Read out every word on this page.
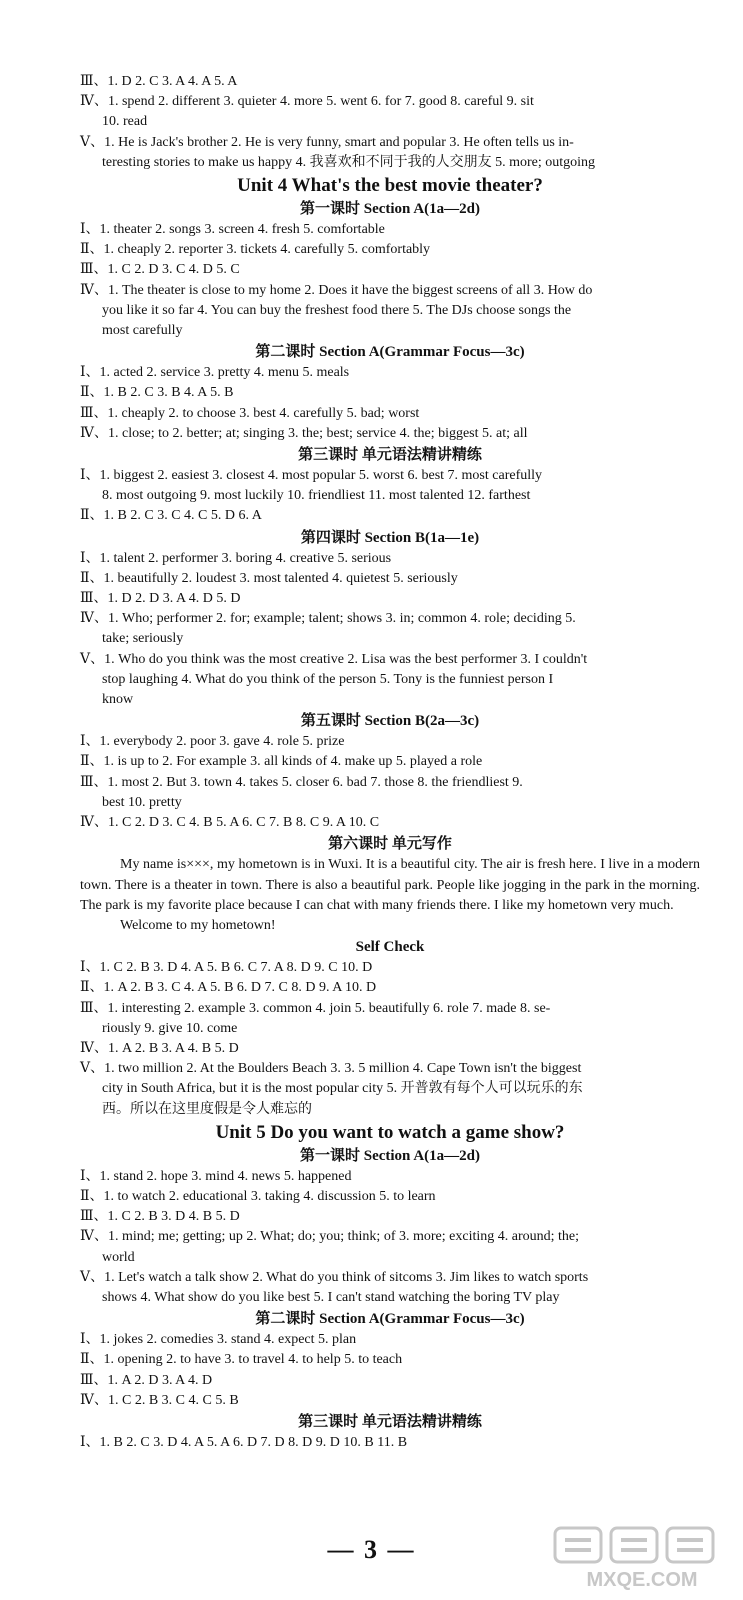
Ⅲ、1. D 2. C 3. A 4. A 5. A
Ⅳ、1. spend 2. different 3. quieter 4. more 5. went 6. for 7. good 8. careful 9. sit
10. read
Ⅴ、1. He is Jack's brother 2. He is very funny, smart and popular 3. He often tells us in-
teresting stories to make us happy 4. 我喜欢和不同于我的人交朋友 5. more; outgoing
Unit 4 What's the best movie theater?
第一课时 Section A(1a—2d)
Ⅰ、1. theater 2. songs 3. screen 4. fresh 5. comfortable
Ⅱ、1. cheaply 2. reporter 3. tickets 4. carefully 5. comfortably
Ⅲ、1. C 2. D 3. C 4. D 5. C
Ⅳ、1. The theater is close to my home 2. Does it have the biggest screens of all 3. How do
you like it so far 4. You can buy the freshest food there 5. The DJs choose songs the
most carefully
第二课时 Section A(Grammar Focus—3c)
Ⅰ、1. acted 2. service 3. pretty 4. menu 5. meals
Ⅱ、1. B 2. C 3. B 4. A 5. B
Ⅲ、1. cheaply 2. to choose 3. best 4. carefully 5. bad; worst
Ⅳ、1. close; to 2. better; at; singing 3. the; best; service 4. the; biggest 5. at; all
第三课时 单元语法精讲精练
Ⅰ、1. biggest 2. easiest 3. closest 4. most popular 5. worst 6. best 7. most carefully
8. most outgoing 9. most luckily 10. friendliest 11. most talented 12. farthest
Ⅱ、1. B 2. C 3. C 4. C 5. D 6. A
第四课时 Section B(1a—1e)
Ⅰ、1. talent 2. performer 3. boring 4. creative 5. serious
Ⅱ、1. beautifully 2. loudest 3. most talented 4. quietest 5. seriously
Ⅲ、1. D 2. D 3. A 4. D 5. D
Ⅳ、1. Who; performer 2. for; example; talent; shows 3. in; common 4. role; deciding 5.
take; seriously
Ⅴ、1. Who do you think was the most creative 2. Lisa was the best performer 3. I couldn't
stop laughing 4. What do you think of the person 5. Tony is the funniest person I
know
第五课时 Section B(2a—3c)
Ⅰ、1. everybody 2. poor 3. gave 4. role 5. prize
Ⅱ、1. is up to 2. For example 3. all kinds of 4. make up 5. played a role
Ⅲ、1. most 2. But 3. town 4. takes 5. closer 6. bad 7. those 8. the friendliest 9.
best 10. pretty
Ⅳ、1. C 2. D 3. C 4. B 5. A 6. C 7. B 8. C 9. A 10. C
第六课时 单元写作
My name is×××, my hometown is in Wuxi. It is a beautiful city. The air is fresh here. I live in a modern town. There is a theater in town. There is also a beautiful park. People like jogging in the park in the morning. The park is my favorite place because I can chat with many friends there. I like my hometown very much.
Welcome to my hometown!
Self Check
Ⅰ、1. C 2. B 3. D 4. A 5. B 6. C 7. A 8. D 9. C 10. D
Ⅱ、1. A 2. B 3. C 4. A 5. B 6. D 7. C 8. D 9. A 10. D
Ⅲ、1. interesting 2. example 3. common 4. join 5. beautifully 6. role 7. made 8. se-
riously 9. give 10. come
Ⅳ、1. A 2. B 3. A 4. B 5. D
Ⅴ、1. two million 2. At the Boulders Beach 3. 3. 5 million 4. Cape Town isn't the biggest
city in South Africa, but it is the most popular city 5. 开普敦有每个人可以玩乐的东
西。所以在这里度假是令人难忘的
Unit 5 Do you want to watch a game show?
第一课时 Section A(1a—2d)
Ⅰ、1. stand 2. hope 3. mind 4. news 5. happened
Ⅱ、1. to watch 2. educational 3. taking 4. discussion 5. to learn
Ⅲ、1. C 2. B 3. D 4. B 5. D
Ⅳ、1. mind; me; getting; up 2. What; do; you; think; of 3. more; exciting 4. around; the;
world
Ⅴ、1. Let's watch a talk show 2. What do you think of sitcoms 3. Jim likes to watch sports
shows 4. What show do you like best 5. I can't stand watching the boring TV play
第二课时 Section A(Grammar Focus—3c)
Ⅰ、1. jokes 2. comedies 3. stand 4. expect 5. plan
Ⅱ、1. opening 2. to have 3. to travel 4. to help 5. to teach
Ⅲ、1. A 2. D 3. A 4. D
Ⅳ、1. C 2. B 3. C 4. C 5. B
第三课时 单元语法精讲精练
Ⅰ、1. B 2. C 3. D 4. A 5. A 6. D 7. D 8. D 9. D 10. B 11. B
— 3 —
MXQE.COM
